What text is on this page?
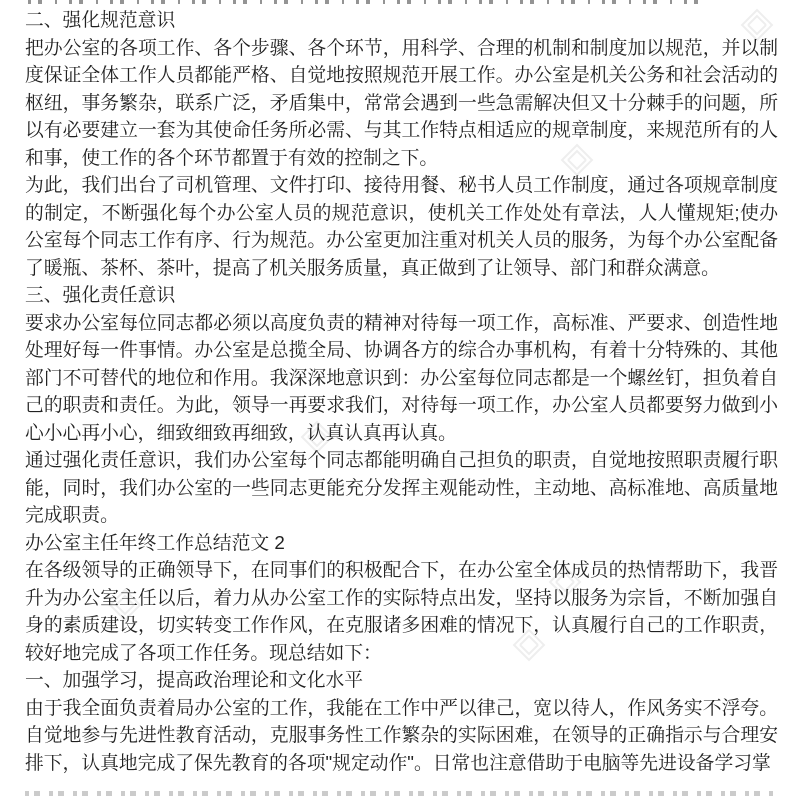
二、强化规范意识

把办公室的各项工作、各个步骤、各个环节，用科学、合理的机制和制度加以规范，并以制度保证全体工作人员都能严格、自觉地按照规范开展工作。办公室是机关公务和社会活动的枢纽，事务繁杂，联系广泛，矛盾集中，常常会遇到一些急需解决但又十分棘手的问题，所以有必要建立一套为其使命任务所必需、与其工作特点相适应的规章制度，来规范所有的人和事，使工作的各个环节都置于有效的控制之下。

为此，我们出台了司机管理、文件打印、接待用餐、秘书人员工作制度，通过各项规章制度的制定，不断强化每个办公室人员的规范意识，使机关工作处处有章法，人人懂规矩;使办公室每个同志工作有序、行为规范。办公室更加注重对机关人员的服务，为每个办公室配备了暖瓶、茶杯、茶叶，提高了机关服务质量，真正做到了让领导、部门和群众满意。

三、强化责任意识

要求办公室每位同志都必须以高度负责的精神对待每一项工作，高标准、严要求、创造性地处理好每一件事情。办公室是总揽全局、协调各方的综合办事机构，有着十分特殊的、其他部门不可替代的地位和作用。我深深地意识到：办公室每位同志都是一个螺丝钉，担负着自己的职责和责任。为此，领导一再要求我们，对待每一项工作，办公室人员都要努力做到小心小心再小心，细致细致再细致，认真认真再认真。

通过强化责任意识，我们办公室每个同志都能明确自己担负的职责，自觉地按照职责履行职能，同时，我们办公室的一些同志更能充分发挥主观能动性，主动地、高标准地、高质量地完成职责。

办公室主任年终工作总结范文 2

在各级领导的正确领导下，在同事们的积极配合下，在办公室全体成员的热情帮助下，我晋升为办公室主任以后，着力从办公室工作的实际特点出发，坚持以服务为宗旨，不断加强自身的素质建设，切实转变工作作风，在克服诸多困难的情况下，认真履行自己的工作职责，较好地完成了各项工作任务。现总结如下：

一、加强学习，提高政治理论和文化水平

由于我全面负责着局办公室的工作，我能在工作中严以律己，宽以待人，作风务实不浮夸。自觉地参与先进性教育活动，克服事务性工作繁杂的实际困难，在领导的正确指示与合理安排下，认真地完成了保先教育的各项"规定动作"。日常也注意借助于电脑等先进设备学习掌
